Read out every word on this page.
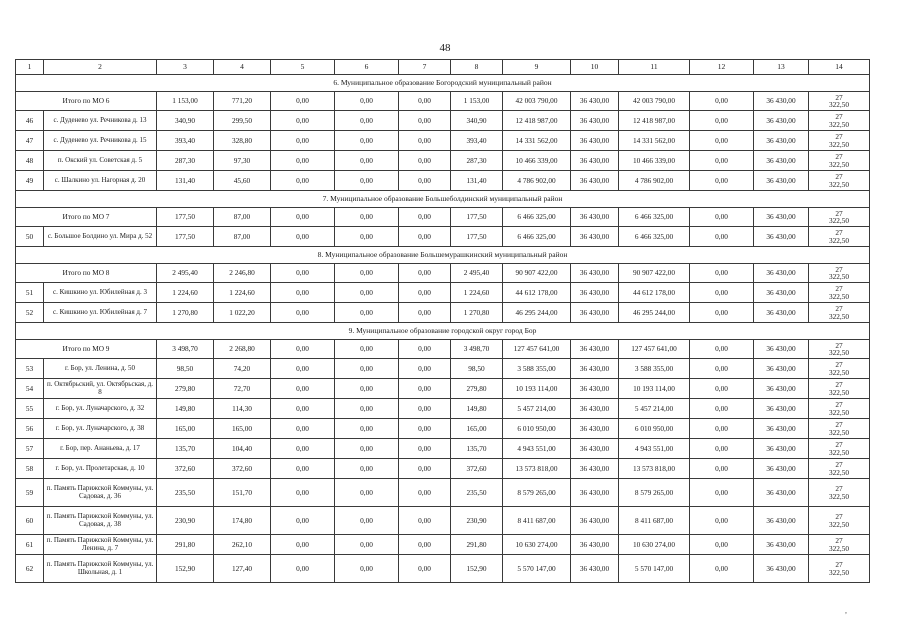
48
1	2	3	4	5	6	7	8	9	10	11	12	13	14
6. Муниципальное образование Богородский муниципальный район													
Итого по МО 6		1 153,00	771,20	0,00	0,00	0,00	1 153,00	42 003 790,00	36 430,00	42 003 790,00	0,00	36 430,00	27
322,50

46	с. Дуденево ул. Речникова д. 13	340,90	299,50	0,00	0,00	0,00	340,90	12 418 987,00	36 430,00	12 418 987,00	0,00	36 430,00	27
322,50

47	с. Дуденево ул. Речникова д. 15	393,40	328,80	0,00	0,00	0,00	393,40	14 331 562,00	36 430,00	14 331 562,00	0,00	36 430,00	27
322,50

48	п. Окский ул. Советская д. 5	287,30	97,30	0,00	0,00	0,00	287,30	10 466 339,00	36 430,00	10 466 339,00	0,00	36 430,00	27
322,50

49	с. Шалкино ул. Нагорная д. 20	131,40	45,60	0,00	0,00	0,00	131,40	4 786 902,00	36 430,00	4 786 902,00	0,00	36 430,00	27
322,50

7. Муниципальное образование Большеболдинский муниципальный район													
Итого по МО 7		177,50	87,00	0,00	0,00	0,00	177,50	6 466 325,00	36 430,00	6 466 325,00	0,00	36 430,00	27
322,50

50	с. Большое Болдино ул. Мира д. 52	177,50	87,00	0,00	0,00	0,00	177,50	6 466 325,00	36 430,00	6 466 325,00	0,00	36 430,00	27
322,50

8. Муниципальное образование Большемурашкинский муниципальный район													
Итого по МО 8		2 495,40	2 246,80	0,00	0,00	0,00	2 495,40	90 907 422,00	36 430,00	90 907 422,00	0,00	36 430,00	27
322,50

51	с. Кишкино ул. Юбилейная д. 3	1 224,60	1 224,60	0,00	0,00	0,00	1 224,60	44 612 178,00	36 430,00	44 612 178,00	0,00	36 430,00	27
322,50

52	с. Кишкино ул. Юбилейная д. 7	1 270,80	1 022,20	0,00	0,00	0,00	1 270,80	46 295 244,00	36 430,00	46 295 244,00	0,00	36 430,00	27
322,50

9. Муниципальное образование городской округ город Бор													
Итого по МО 9		3 498,70	2 268,80	0,00	0,00	0,00	3 498,70	127 457 641,00	36 430,00	127 457 641,00	0,00	36 430,00	27
322,50

53	г. Бор, ул. Ленина, д. 50	98,50	74,20	0,00	0,00	0,00	98,50	3 588 355,00	36 430,00	3 588 355,00	0,00	36 430,00	27
322,50

54	п. Октябрьский, ул. Октябрьская, д. 8	279,80	72,70	0,00	0,00	0,00	279,80	10 193 114,00	36 430,00	10 193 114,00	0,00	36 430,00	27
322,50

55	г. Бор, ул. Луначарского, д. 32	149,80	114,30	0,00	0,00	0,00	149,80	5 457 214,00	36 430,00	5 457 214,00	0,00	36 430,00	27
322,50

56	г. Бор, ул. Луначарского, д. 38	165,00	165,00	0,00	0,00	0,00	165,00	6 010 950,00	36 430,00	6 010 950,00	0,00	36 430,00	27
322,50

57	г. Бор, пер. Ананьева, д. 17	135,70	104,40	0,00	0,00	0,00	135,70	4 943 551,00	36 430,00	4 943 551,00	0,00	36 430,00	27
322,50

58	г. Бор, ул. Пролетарская, д. 10	372,60	372,60	0,00	0,00	0,00	372,60	13 573 818,00	36 430,00	13 573 818,00	0,00	36 430,00	27
322,50

59	п. Память Парижской Коммуны, ул. Садовая, д. 36	235,50	151,70	0,00	0,00	0,00	235,50	8 579 265,00	36 430,00	8 579 265,00	0,00	36 430,00	27
322,50

60	п. Память Парижской Коммуны, ул. Садовая, д. 38	230,90	174,80	0,00	0,00	0,00	230,90	8 411 687,00	36 430,00	8 411 687,00	0,00	36 430,00	27
322,50

61	п. Память Парижской Коммуны, ул. Ленина, д. 7	291,80	262,10	0,00	0,00	0,00	291,80	10 630 274,00	36 430,00	10 630 274,00	0,00	36 430,00	27
322,50

62	п. Память Парижской Коммуны, ул. Школьная, д. 1	152,90	127,40	0,00	0,00	0,00	152,90	5 570 147,00	36 430,00	5 570 147,00	0,00	36 430,00	27
322,50
,
